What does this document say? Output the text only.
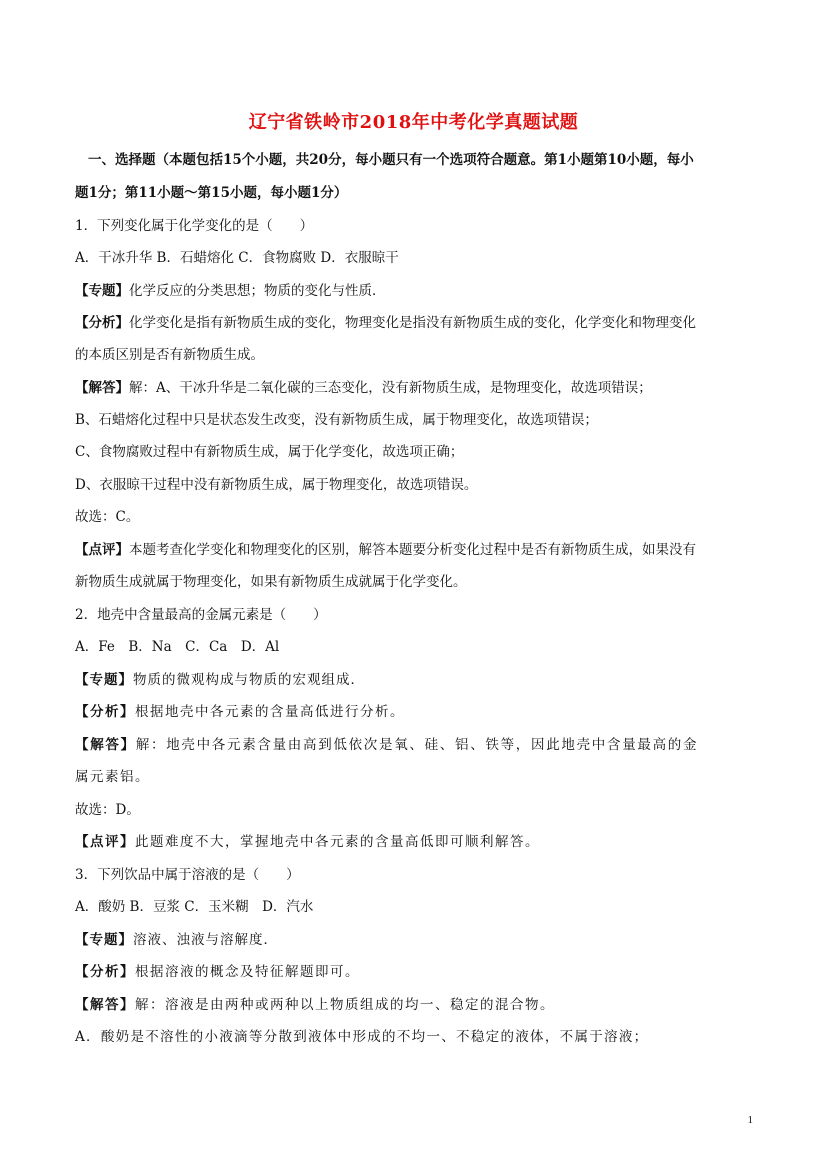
辽宁省铁岭市2018年中考化学真题试题
一、选择题（本题包括15个小题，共20分，每小题只有一个选项符合题意。第1小题第10小题，每小
题1分；第11小题～第15小题，每小题1分）
1．下列变化属于化学变化的是（　　）
A．干冰升华 B．石蜡熔化 C．食物腐败 D．衣服晾干
【专题】化学反应的分类思想；物质的变化与性质．
【分析】化学变化是指有新物质生成的变化，物理变化是指没有新物质生成的变化，化学变化和物理变化
的本质区别是否有新物质生成。
【解答】解：A、干冰升华是二氧化碳的三态变化，没有新物质生成，是物理变化，故选项错误；
B、石蜡熔化过程中只是状态发生改变，没有新物质生成，属于物理变化，故选项错误；
C、食物腐败过程中有新物质生成，属于化学变化，故选项正确；
D、衣服晾干过程中没有新物质生成，属于物理变化，故选项错误。
故选：C。
【点评】本题考查化学变化和物理变化的区别，解答本题要分析变化过程中是否有新物质生成，如果没有
新物质生成就属于物理变化，如果有新物质生成就属于化学变化。
2．地壳中含量最高的金属元素是（　　）
A．Fe　B．Na　C．Ca　D．Al
【专题】物质的微观构成与物质的宏观组成．
【分析】根据地壳中各元素的含量高低进行分析。
【解答】解：地壳中各元素含量由高到低依次是氧、硅、铝、铁等，因此地壳中含量最高的金
属元素铝。
故选：D。
【点评】此题难度不大，掌握地壳中各元素的含量高低即可顺利解答。
3．下列饮品中属于溶液的是（　　）
A．酸奶 B．豆浆 C．玉米糊　D．汽水
【专题】溶液、浊液与溶解度．
【分析】根据溶液的概念及特征解题即可。
【解答】解：溶液是由两种或两种以上物质组成的均一、稳定的混合物。
A．酸奶是不溶性的小液滴等分散到液体中形成的不均一、不稳定的液体，不属于溶液；
1
